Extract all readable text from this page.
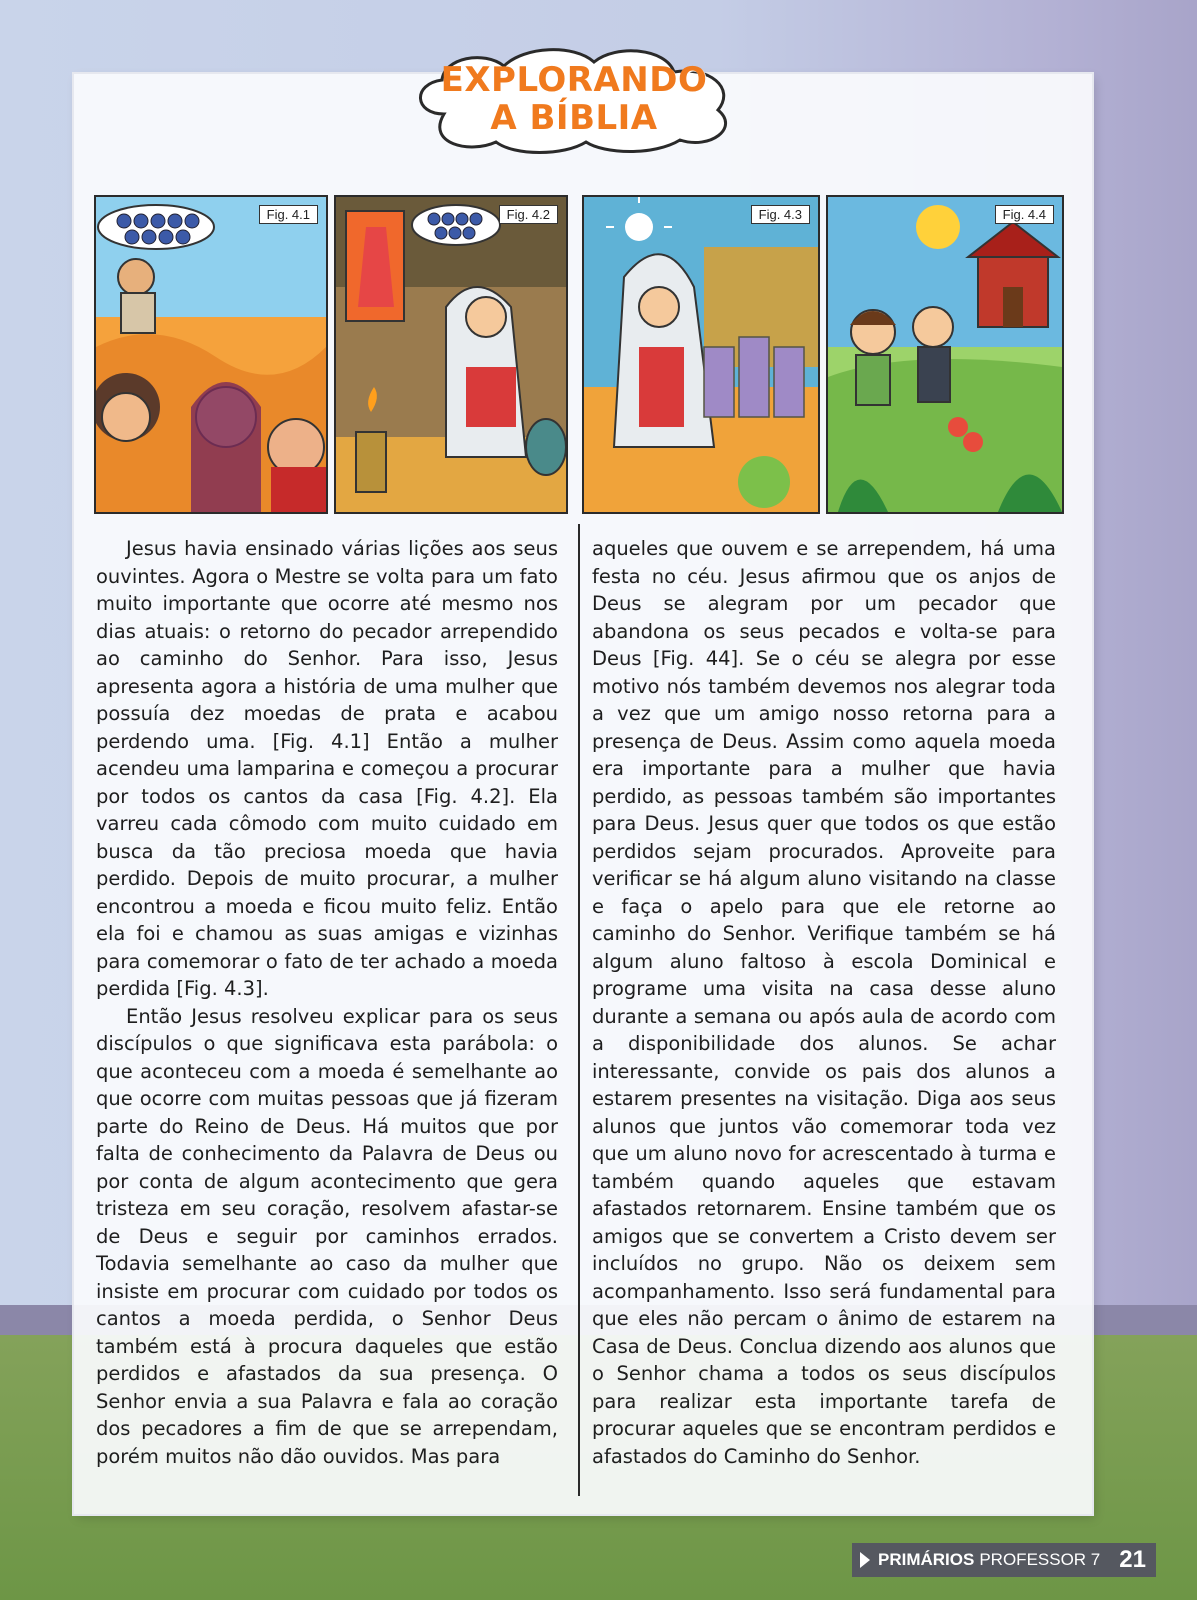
EXPLORANDO
A BÍBLIA
Fig. 4.1	Fig. 4.2	Fig. 4.3	Fig. 4.4

Jesus havia ensinado várias lições aos seus ouvintes. Agora o Mestre se volta para um fato muito importante que ocorre até mesmo nos dias atuais: o retorno do pecador arrependido ao caminho do Senhor. Para isso, Jesus apresenta agora a história de uma mulher que possuía dez moedas de prata e acabou perdendo uma. [Fig. 4.1] Então a mulher acendeu uma lamparina e começou a procurar por todos os cantos da casa [Fig. 4.2]. Ela varreu cada cômodo com muito cuidado em busca da tão preciosa moeda que havia perdido. Depois de muito procurar, a mulher encontrou a moeda e ficou muito feliz. Então ela foi e chamou as suas amigas e vizinhas para comemorar o fato de ter achado a moeda perdida [Fig. 4.3].

Então Jesus resolveu explicar para os seus discípulos o que significava esta parábola: o que aconteceu com a moeda é semelhante ao que ocorre com muitas pessoas que já fizeram parte do Reino de Deus. Há muitos que por falta de conhecimento da Palavra de Deus ou por conta de algum acontecimento que gera tristeza em seu coração, resolvem afastar-se de Deus e seguir por caminhos errados. Todavia semelhante ao caso da mulher que insiste em procurar com cuidado por todos os cantos a moeda perdida, o Senhor Deus também está à procura daqueles que estão perdidos e afastados da sua presença. O Senhor envia a sua Palavra e fala ao coração dos pecadores a fim de que se arrependam, porém muitos não dão ouvidos. Mas para

aqueles que ouvem e se arrependem, há uma festa no céu. Jesus afirmou que os anjos de Deus se alegram por um pecador que abandona os seus pecados e volta-se para Deus [Fig. 44]. Se o céu se alegra por esse motivo nós também devemos nos alegrar toda a vez que um amigo nosso retorna para a presença de Deus. Assim como aquela moeda era importante para a mulher que havia perdido, as pessoas também são importantes para Deus. Jesus quer que todos os que estão perdidos sejam procurados. Aproveite para verificar se há algum aluno visitando na classe e faça o apelo para que ele retorne ao caminho do Senhor. Verifique também se há algum aluno faltoso à escola Dominical e programe uma visita na casa desse aluno durante a semana ou após aula de acordo com a disponibilidade dos alunos. Se achar interessante, convide os pais dos alunos a estarem presentes na visitação. Diga aos seus alunos que juntos vão comemorar toda vez que um aluno novo for acrescentado à turma e também quando aqueles que estavam afastados retornarem. Ensine também que os amigos que se convertem a Cristo devem ser incluídos no grupo. Não os deixem sem acompanhamento. Isso será fundamental para que eles não percam o ânimo de estarem na Casa de Deus. Conclua dizendo aos alunos que o Senhor chama a todos os seus discípulos para realizar esta importante tarefa de procurar aqueles que se encontram perdidos e afastados do Caminho do Senhor.

PRIMÁRIOS PROFESSOR 7 21
